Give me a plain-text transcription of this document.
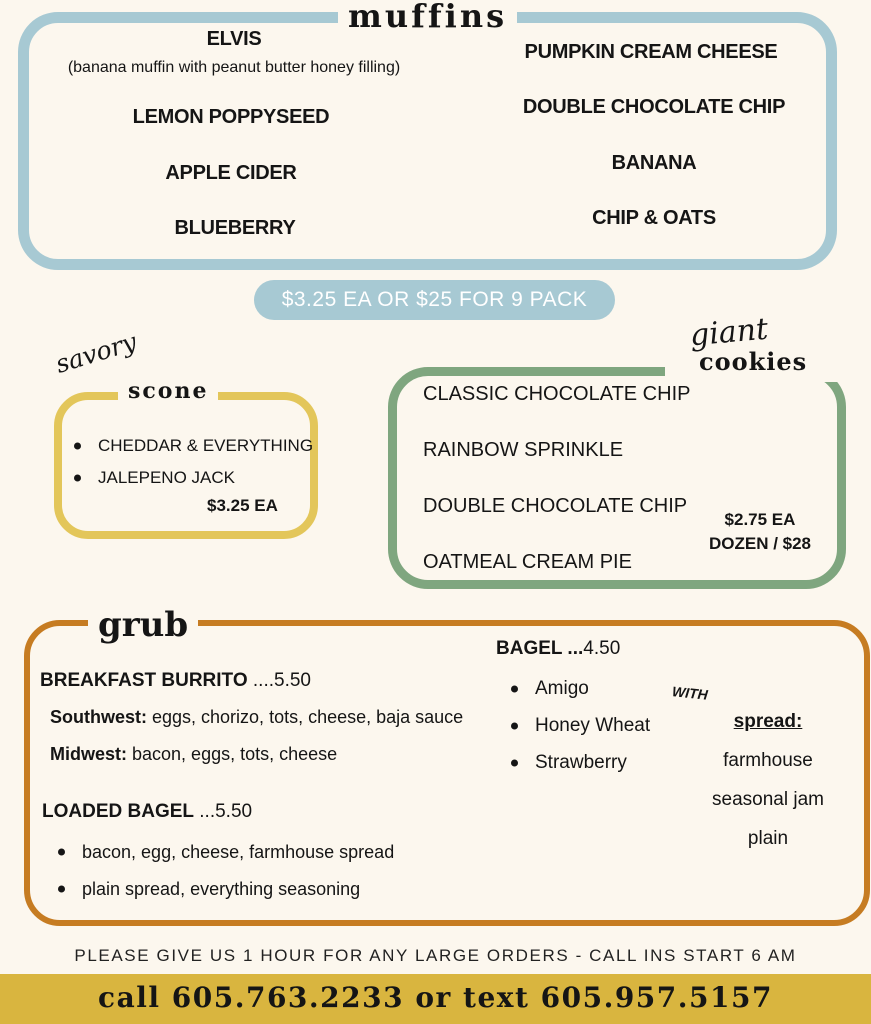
muffins
ELVIS
(banana muffin with peanut butter honey filling)
LEMON POPPYSEED
APPLE CIDER
BLUEBERRY
PUMPKIN CREAM CHEESE
DOUBLE CHOCOLATE CHIP
BANANA
CHIP & OATS
$3.25 EA OR $25 FOR 9 PACK
savory
scone
CHEDDAR & EVERYTHING
JALEPENO JACK
$3.25 EA
giant
cookies
CLASSIC CHOCOLATE CHIP
RAINBOW SPRINKLE
DOUBLE CHOCOLATE CHIP
OATMEAL CREAM PIE
$2.75 EA
DOZEN / $28
grub
BREAKFAST BURRITO ....5.50
Southwest: eggs, chorizo, tots, cheese, baja sauce
Midwest: bacon, eggs, tots, cheese
LOADED BAGEL ...5.50
bacon, egg, cheese, farmhouse spread
plain spread, everything seasoning
BAGEL ...4.50
Amigo
Honey Wheat
Strawberry
WITH
spread:
farmhouse
seasonal jam
plain
PLEASE GIVE US 1 HOUR FOR ANY LARGE ORDERS - CALL INS START 6 AM
call 605.763.2233 or text 605.957.5157
